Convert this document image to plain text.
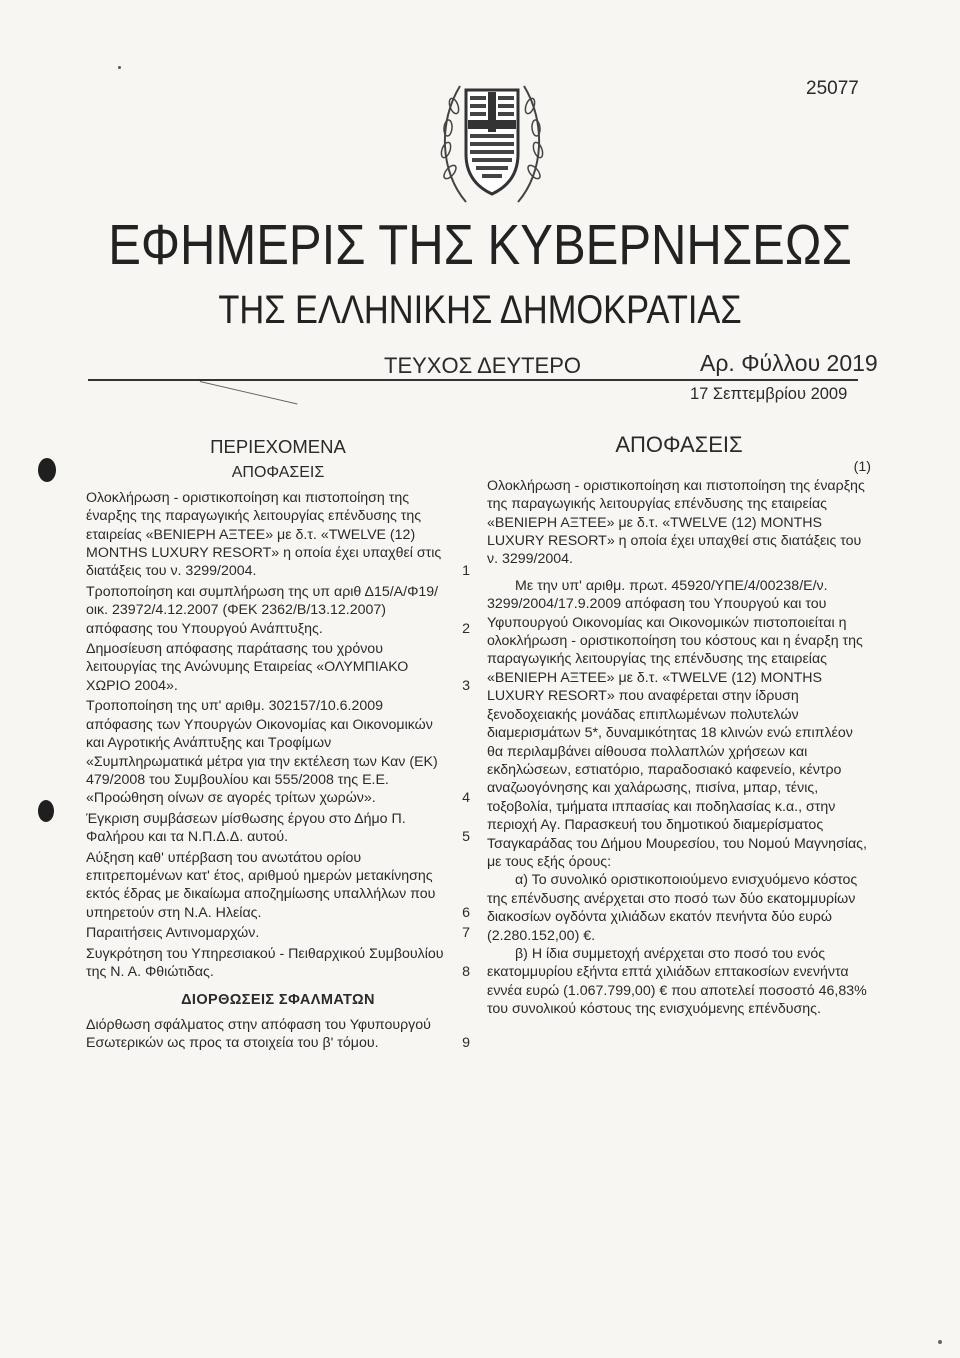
25077
ΕΦΗΜΕΡΙΣ ΤΗΣ ΚΥΒΕΡΝΗΣΕΩΣ
ΤΗΣ ΕΛΛΗΝΙΚΗΣ ΔΗΜΟΚΡΑΤΙΑΣ
ΤΕΥΧΟΣ ΔΕΥΤΕΡΟ	Αρ. Φύλλου 2019
17 Σεπτεμβρίου 2009
ΠΕΡΙΕΧΟΜΕΝΑ
ΑΠΟΦΑΣΕΙΣ
Ολοκλήρωση - οριστικοποίηση και πιστοποίηση της έναρξης της παραγωγικής λειτουργίας επένδυσης της εταιρείας «ΒΕΝΙΕΡΗ ΑΞΤΕΕ» με δ.τ. «TWELVE (12) MONTHS LUXURY RESORT» η οποία έχει υπαχθεί στις διατάξεις του ν. 3299/2004.	1
Τροποποίηση και συμπλήρωση της υπ αριθ Δ15/Α/Φ19/οικ. 23972/4.12.2007 (ΦΕΚ 2362/Β/13.12.2007) απόφασης του Υπουργού Ανάπτυξης.	2
Δημοσίευση απόφασης παράτασης του χρόνου λειτουργίας της Ανώνυμης Εταιρείας «ΟΛΥΜΠΙΑΚΟ ΧΩΡΙΟ 2004».	3
Τροποποίηση της υπ' αριθμ. 302157/10.6.2009 απόφασης των Υπουργών Οικονομίας και Οικονομικών και Αγροτικής Ανάπτυξης και Τροφίμων «Συμπληρωματικά μέτρα για την εκτέλεση των Καν (ΕΚ) 479/2008 του Συμβουλίου και 555/2008 της Ε.Ε. «Προώθηση οίνων σε αγορές τρίτων χωρών».	4
Έγκριση συμβάσεων μίσθωσης έργου στο Δήμο Π. Φαλήρου και τα Ν.Π.Δ.Δ. αυτού.	5
Αύξηση καθ' υπέρβαση του ανωτάτου ορίου επιτρεπομένων κατ' έτος, αριθμού ημερών μετακίνησης εκτός έδρας με δικαίωμα αποζημίωσης υπαλλήλων που υπηρετούν στη Ν.Α. Ηλείας.	6
Παραιτήσεις Αντινομαρχών.	7
Συγκρότηση του Υπηρεσιακού - Πειθαρχικού Συμβουλίου της Ν. Α. Φθιώτιδας.	8
ΔΙΟΡΘΩΣΕΙΣ ΣΦΑΛΜΑΤΩΝ
Διόρθωση σφάλματος στην απόφαση του Υφυπουργού Εσωτερικών ως προς τα στοιχεία του β' τόμου.	9
ΑΠΟΦΑΣΕΙΣ
(1)

Ολοκλήρωση - οριστικοποίηση και πιστοποίηση της έναρξης της παραγωγικής λειτουργίας επένδυσης της εταιρείας «ΒΕΝΙΕΡΗ ΑΞΤΕΕ» με δ.τ. «TWELVE (12) MONTHS LUXURY RESORT» η οποία έχει υπαχθεί στις διατάξεις του ν. 3299/2004.

Με την υπ' αριθμ. πρωτ. 45920/ΥΠΕ/4/00238/Ε/ν. 3299/2004/17.9.2009 απόφαση του Υπουργού και του Υφυπουργού Οικονομίας και Οικονομικών πιστοποιείται η ολοκλήρωση - οριστικοποίηση του κόστους και η έναρξη της παραγωγικής λειτουργίας της επένδυσης της εταιρείας «ΒΕΝΙΕΡΗ ΑΞΤΕΕ» με δ.τ. «TWELVE (12) MONTHS LUXURY RESORT» που αναφέρεται στην ίδρυση ξενοδοχειακής μονάδας επιπλωμένων πολυτελών διαμερισμάτων 5*, δυναμικότητας 18 κλινών ενώ επιπλέον θα περιλαμβάνει αίθουσα πολλαπλών χρήσεων και εκδηλώσεων, εστιατόριο, παραδοσιακό καφενείο, κέντρο αναζωογόνησης και χαλάρωσης, πισίνα, μπαρ, τένις, τοξοβολία, τμήματα ιππασίας και ποδηλασίας κ.α., στην περιοχή Αγ. Παρασκευή του δημοτικού διαμερίσματος Τσαγκαράδας του Δήμου Μουρεσίου, του Νομού Μαγνησίας, με τους εξής όρους:

α) Το συνολικό οριστικοποιούμενο ενισχυόμενο κόστος της επένδυσης ανέρχεται στο ποσό των δύο εκατομμυρίων διακοσίων ογδόντα χιλιάδων εκατόν πενήντα δύο ευρώ (2.280.152,00) €.

β) Η ίδια συμμετοχή ανέρχεται στο ποσό του ενός εκατομμυρίου εξήντα επτά χιλιάδων επτακοσίων ενενήντα εννέα ευρώ (1.067.799,00) € που αποτελεί ποσοστό 46,83% του συνολικού κόστους της ενισχυόμενης επένδυσης.
